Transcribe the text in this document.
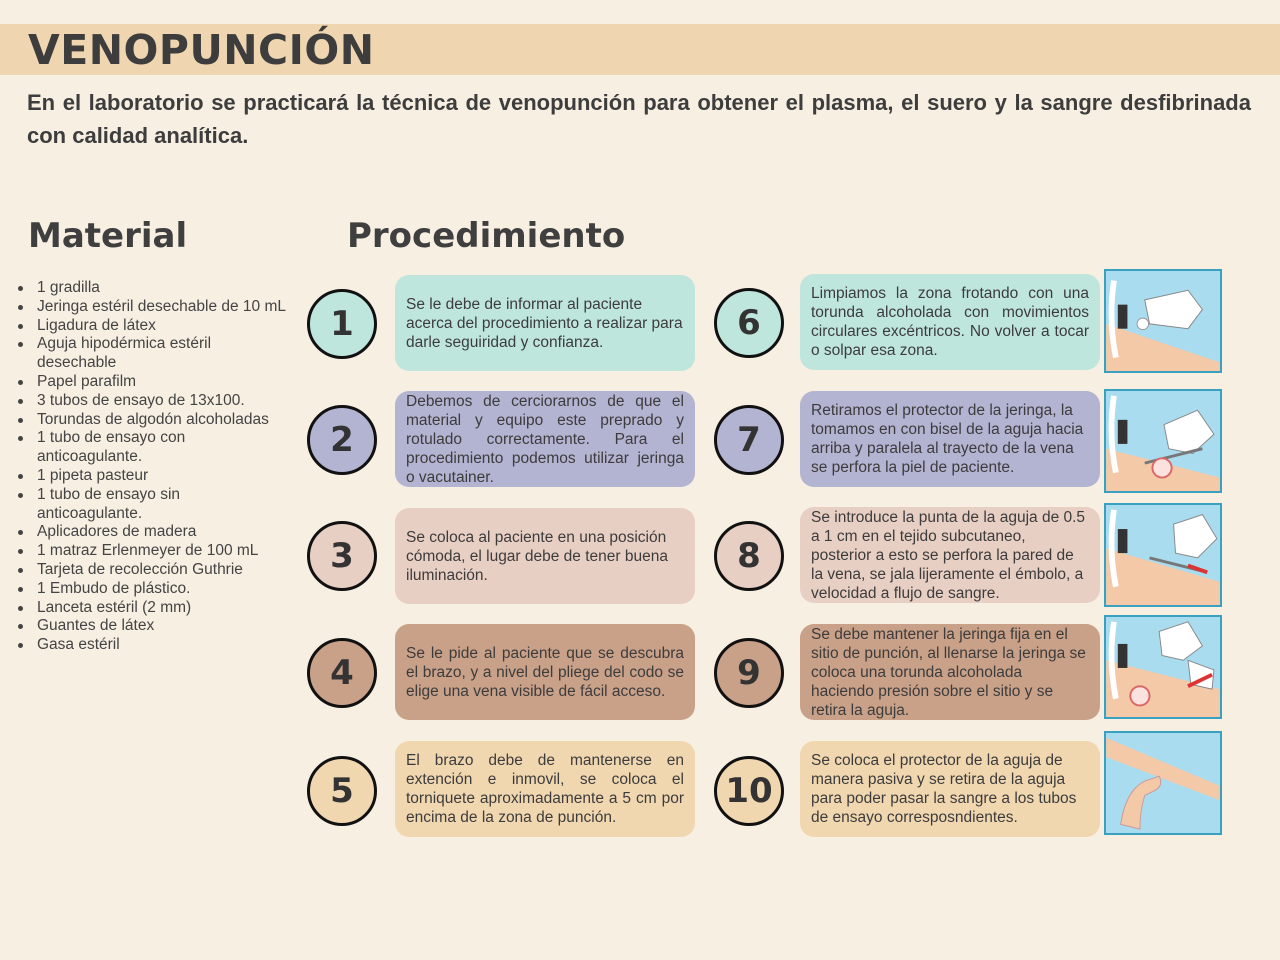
VENOPUNCIÓN
En el laboratorio se practicará la técnica de venopunción para obtener el plasma, el suero y la sangre desfibrinada con calidad analítica.
Material	Procedimiento
1 gradilla
Jeringa estéril desechable de 10 mL
Ligadura de látex
Aguja hipodérmica estéril desechable
Papel parafilm
3 tubos de ensayo de 13x100.
Torundas de algodón alcoholadas
1 tubo de ensayo con anticoagulante.
1 pipeta pasteur
1 tubo de ensayo sin anticoagulante.
Aplicadores de madera
1 matraz Erlenmeyer de 100 mL
Tarjeta de recolección Guthrie
1 Embudo de plástico.
Lanceta estéril (2 mm)
Guantes de látex
Gasa estéril
1	Se le debe de informar al paciente acerca del procedimiento a realizar para darle seguiridad y confianza.
2
Debemos de cerciorarnos de que el material y equipo este preprado y rotulado correctamente. Para el procedimiento podemos utilizar jeringa o vacutainer.
3	Se coloca al paciente en una posición cómoda, el lugar debe de tener buena iluminación.
4	Se le pide al paciente que se descubra el brazo, y a nivel del pliege del codo se elige una vena visible de fácil acceso.
5
El brazo debe de mantenerse en extención e inmovil, se coloca el torniquete aproximadamente a 5 cm por encima de la zona de punción.
6
Limpiamos la zona frotando con una torunda alcoholada con movimientos circulares excéntricos. No volver a tocar o solpar esa zona.
7
Retiramos el protector de la jeringa, la tomamos en con bisel de la aguja hacia arriba y paralela al trayecto de la vena se perfora la piel de paciente.
8
Se introduce la punta de la aguja de 0.5 a 1 cm en el tejido subcutaneo, posterior a esto se perfora la pared de la vena, se jala lijeramente el émbolo, a velocidad a flujo de sangre.
9
Se debe mantener la jeringa fija en el sitio de punción, al llenarse la jeringa se coloca una torunda alcoholada haciendo presión sobre el sitio y se retira la aguja.
10
Se coloca el protector de la aguja de manera pasiva y se retira de la aguja para poder pasar la sangre a los tubos de ensayo corresposndientes.
